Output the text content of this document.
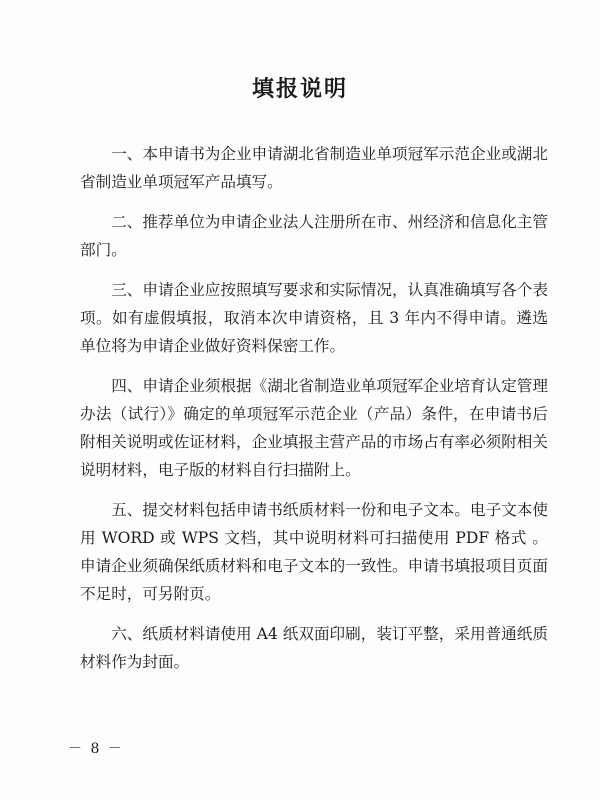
填报说明

一、本申请书为企业申请湖北省制造业单项冠军示范企业或湖北省制造业单项冠军产品填写。

二、推荐单位为申请企业法人注册所在市、州经济和信息化主管部门。

三、申请企业应按照填写要求和实际情况，认真准确填写各个表项。如有虚假填报，取消本次申请资格，且 3 年内不得申请。遴选单位将为申请企业做好资料保密工作。

四、申请企业须根据《湖北省制造业单项冠军企业培育认定管理办法（试行）》确定的单项冠军示范企业（产品）条件，在申请书后附相关说明或佐证材料，企业填报主营产品的市场占有率必须附相关说明材料，电子版的材料自行扫描附上。

五、提交材料包括申请书纸质材料一份和电子文本。电子文本使用 WORD 或 WPS 文档，其中说明材料可扫描使用 PDF 格式 。申请企业须确保纸质材料和电子文本的一致性。申请书填报项目页面不足时，可另附页。

六、纸质材料请使用 A4 纸双面印刷，装订平整，采用普通纸质材料作为封面。

－ 8 －
